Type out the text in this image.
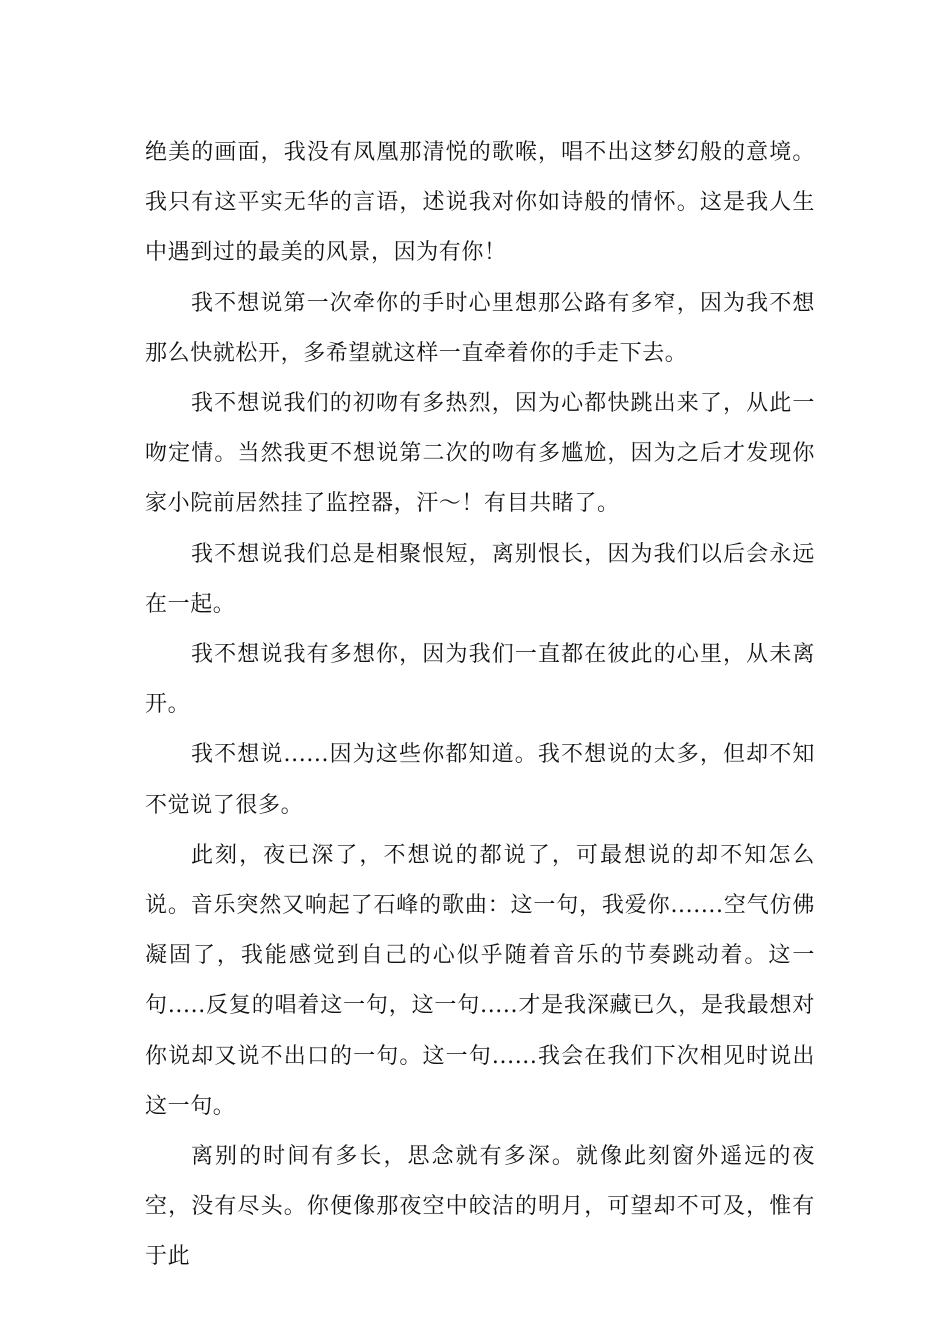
绝美的画面，我没有凤凰那清悦的歌喉，唱不出这梦幻般的意境。我只有这平实无华的言语，述说我对你如诗般的情怀。这是我人生中遇到过的最美的风景，因为有你！

我不想说第一次牵你的手时心里想那公路有多窄，因为我不想那么快就松开，多希望就这样一直牵着你的手走下去。

我不想说我们的初吻有多热烈，因为心都快跳出来了，从此一吻定情。当然我更不想说第二次的吻有多尴尬，因为之后才发现你家小院前居然挂了监控器，汗～！有目共睹了。

我不想说我们总是相聚恨短，离别恨长，因为我们以后会永远在一起。

我不想说我有多想你，因为我们一直都在彼此的心里，从未离开。

我不想说......因为这些你都知道。我不想说的太多，但却不知不觉说了很多。

此刻，夜已深了，不想说的都说了，可最想说的却不知怎么说。音乐突然又响起了石峰的歌曲：这一句，我爱你.......空气仿佛凝固了，我能感觉到自己的心似乎随着音乐的节奏跳动着。这一句.....反复的唱着这一句，这一句.....才是我深藏已久，是我最想对你说却又说不出口的一句。这一句......我会在我们下次相见时说出这一句。

离别的时间有多长，思念就有多深。就像此刻窗外遥远的夜空，没有尽头。你便像那夜空中皎洁的明月，可望却不可及，惟有于此
